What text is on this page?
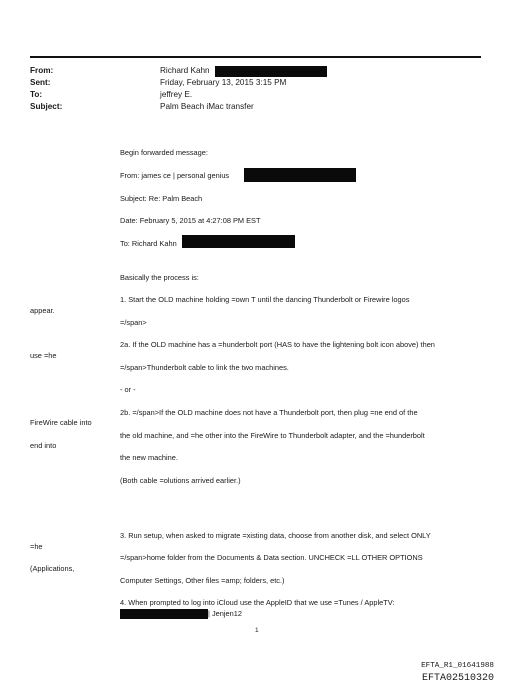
From:
Sent:
To:
Subject:
Richard Kahn
Friday, February 13, 2015 3:15 PM
jeffrey E.
Palm Beach iMac transfer
Begin forwarded message:
From: james ce | personal genius
Subject: Re: Palm Beach
Date: February 5, 2015 at 4:27:08 PM EST
To: Richard Kahn
Basically the process is:
1. Start the OLD machine holding =own T until the dancing Thunderbolt or Firewire logos
appear.
=/span>
2a. If the OLD machine has a =hunderbolt port (HAS to have the lightening bolt icon above) then
use =he
=/span>Thunderbolt cable to link the two machines.
- or -
2b. =/span>If the OLD machine does not have a Thunderbolt port, then plug =ne end of the
FireWire cable into
the old machine, and =he other into the FireWire to Thunderbolt adapter, and the =hunderbolt
end into
the new machine.
(Both cable =olutions arrived earlier.)
3. Run setup, when asked to migrate =xisting data, choose from another disk, and select ONLY
=he
=/span>home folder from the Documents & Data section. UNCHECK =LL OTHER OPTIONS
(Applications,
Computer Settings, Other files =amp; folders, etc.)
4. When prompted to log into iCloud use the AppleID that we use =Tunes / AppleTV:
| Jenjen12
1
EFTA_R1_01641988
EFTA02510320
